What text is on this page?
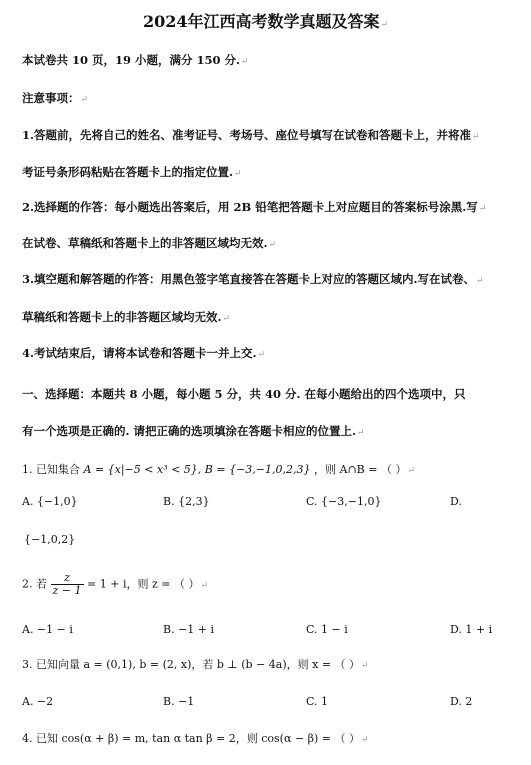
2024年江西高考数学真题及答案↵
本试卷共 10 页，19 小题，满分 150 分.↵
注意事项：↵
1.答题前，先将自己的姓名、准考证号、考场号、座位号填写在试卷和答题卡上，并将准↵
考证号条形码粘贴在答题卡上的指定位置.↵
2.选择题的作答：每小题选出答案后，用 2B 铅笔把答题卡上对应题目的答案标号涂黑.写↵
在试卷、草稿纸和答题卡上的非答题区域均无效.↵
3.填空题和解答题的作答：用黑色签字笔直接答在答题卡上对应的答题区域内.写在试卷、↵
草稿纸和答题卡上的非答题区域均无效.↵
4.考试结束后，请将本试卷和答题卡一并上交.↵
一、选择题：本题共 8 小题，每小题 5 分，共 40 分. 在每小题给出的四个选项中，只
有一个选项是正确的. 请把正确的选项填涂在答题卡相应的位置上.↵
1. 已知集合 A = {x|−5 < x³ < 5}, B = {−3,−1,0,2,3} ，则 A∩B = （ ）↵
A. {−1,0}	B. {2,3}	C. {−3,−1,0}	D.
{−1,0,2}
2. 若 $\frac{z}{z - 1} = 1 + i$，则 z = （ ）↵
A. −1 − i	B. −1 + i	C. 1 − i	D. 1 + i
3. 已知向量 a = (0,1), b = (2, x)，若 b ⊥ (b − 4a)，则 x = （ ）↵
A. −2	B. −1	C. 1	D. 2
4. 已知 cos(α + β) = m, tan α tan β = 2，则 cos(α − β) = （ ）↵
